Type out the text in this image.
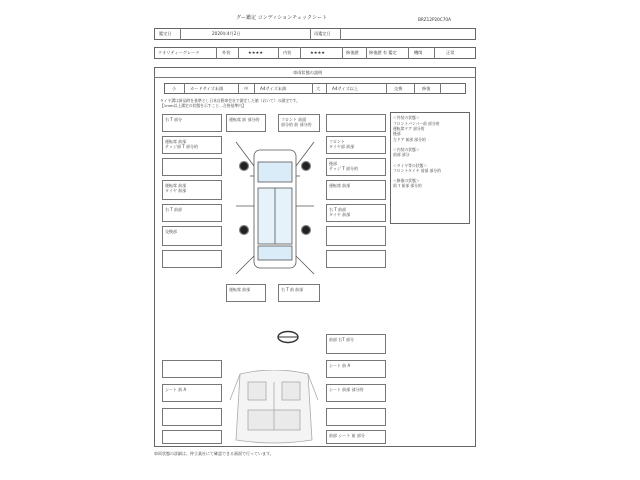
グー鑑定 コンディションチェックシート	BRZ12P20C70A
鑑定日	2020年4月2日	再鑑定日
クオリティーグレード	外装	★★★★	内装	★★★★	修復歴 修復歴 有 鑑定	機関	正常
車両状態の説明
小	カードサイズ未満	中	A4サイズ未満	大	A4サイズ以上	交換	修復
タイヤ溝は新品時を基準とし日本自動車会社で測定した値（おいて）の測定です。
【1mm以上測定の状態を示すこと…合格基準内】
＜外装の状態＞
フロントバンパー前 部分的
運転席ドア 部分的
後部
左ドア 前部 部分的
＜内装の状態＞
前部 部分
＜タイヤ等の状態＞
フロントタイヤ 前部 部分的
＜修復の状態＞
前 T 前部 部分的
右 T 部分
運転席 前部
テッジ部 T 部分的
運転席 前部
タイヤ 前部
右 T 前部
交換部
運転席 前 部分的	フロント 前面
部分的 前 部分的
フロント
タイヤ部 前部
後部
テッジ T 部分的
運転席 前部
右 T 前部
タイヤ 前部
運転席 前部	右 T 前 前部
シート 前 A
前部 右T 部分
シート 前 A
シート 前部 部分的
前部 シート 前 部分
車両状態の詳細は、仲立業社にて確認できる画面で行っています。
